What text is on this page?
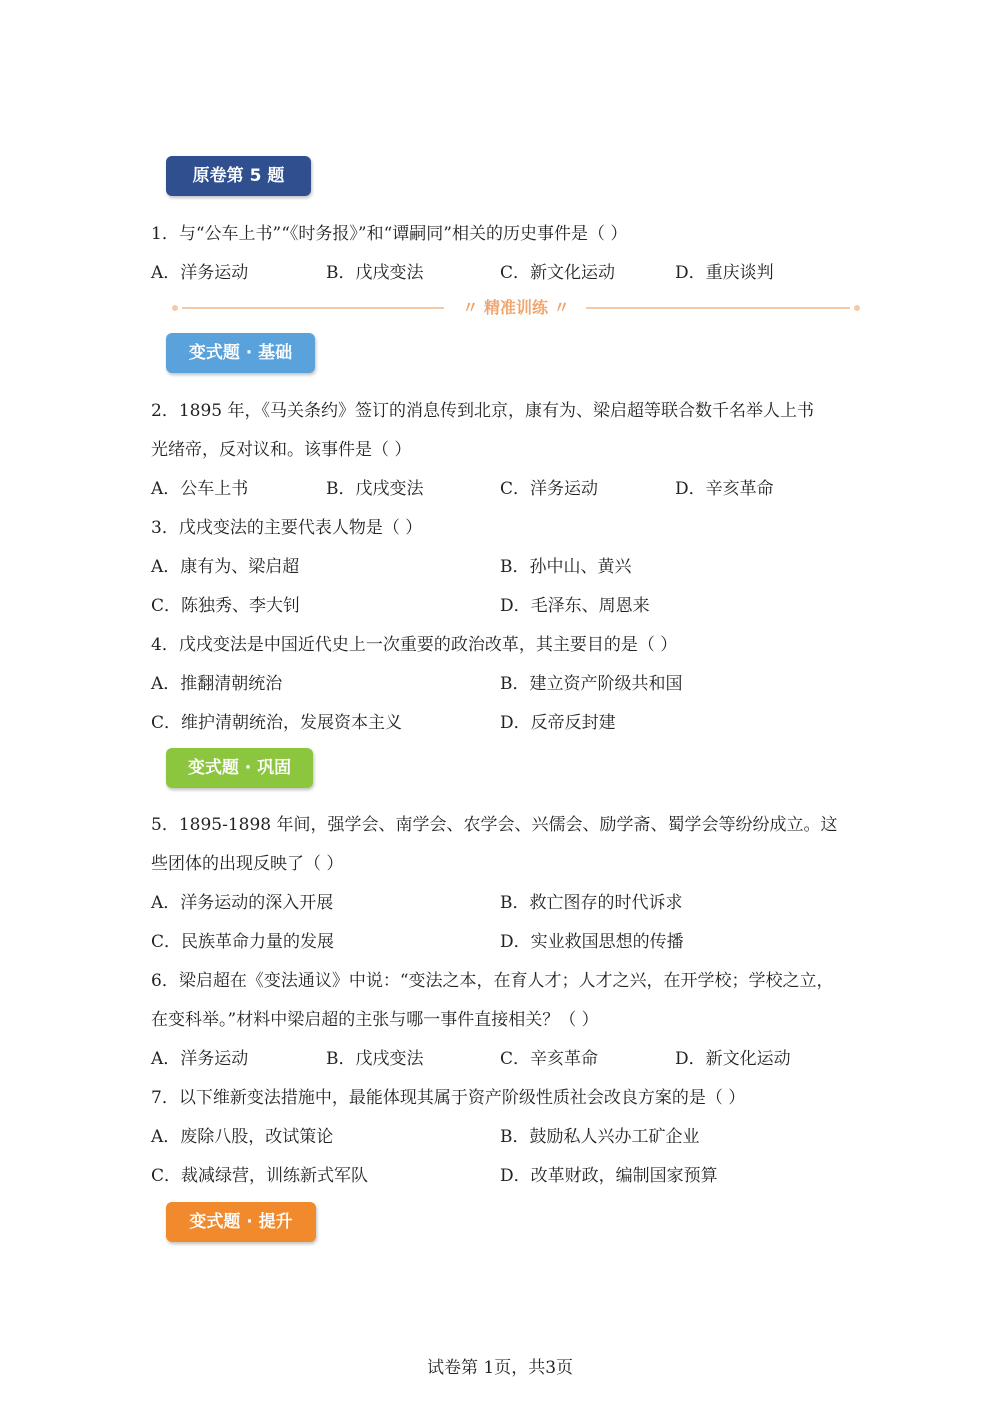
原卷第 5 题
1．与“公车上书”“《时务报》”和“谭嗣同”相关的历史事件是（ ）
A．洋务运动	B．戊戌变法	C．新文化运动	D．重庆谈判
〃 精准训练 〃
变式题 · 基础
2．1895 年，《马关条约》签订的消息传到北京，康有为、梁启超等联合数千名举人上书
光绪帝，反对议和。该事件是（ ）
A．公车上书	B．戊戌变法	C．洋务运动	D．辛亥革命
3．戊戌变法的主要代表人物是（ ）
A．康有为、梁启超	B．孙中山、黄兴
C．陈独秀、李大钊	D．毛泽东、周恩来
4．戊戌变法是中国近代史上一次重要的政治改革，其主要目的是（ ）
A．推翻清朝统治	B．建立资产阶级共和国
C．维护清朝统治，发展资本主义	D．反帝反封建
变式题 · 巩固
5．1895-1898 年间，强学会、南学会、农学会、兴儒会、励学斋、蜀学会等纷纷成立。这
些团体的出现反映了（ ）
A．洋务运动的深入开展	B．救亡图存的时代诉求
C．民族革命力量的发展	D．实业救国思想的传播
6．梁启超在《变法通议》中说：“变法之本，在育人才；人才之兴，在开学校；学校之立，
在变科举。”材料中梁启超的主张与哪一事件直接相关？（ ）
A．洋务运动	B．戊戌变法	C．辛亥革命	D．新文化运动
7．以下维新变法措施中，最能体现其属于资产阶级性质社会改良方案的是（ ）
A．废除八股，改试策论	B．鼓励私人兴办工矿企业
C．裁减绿营，训练新式军队	D．改革财政，编制国家预算
变式题 · 提升
试卷第 1页，共3页
